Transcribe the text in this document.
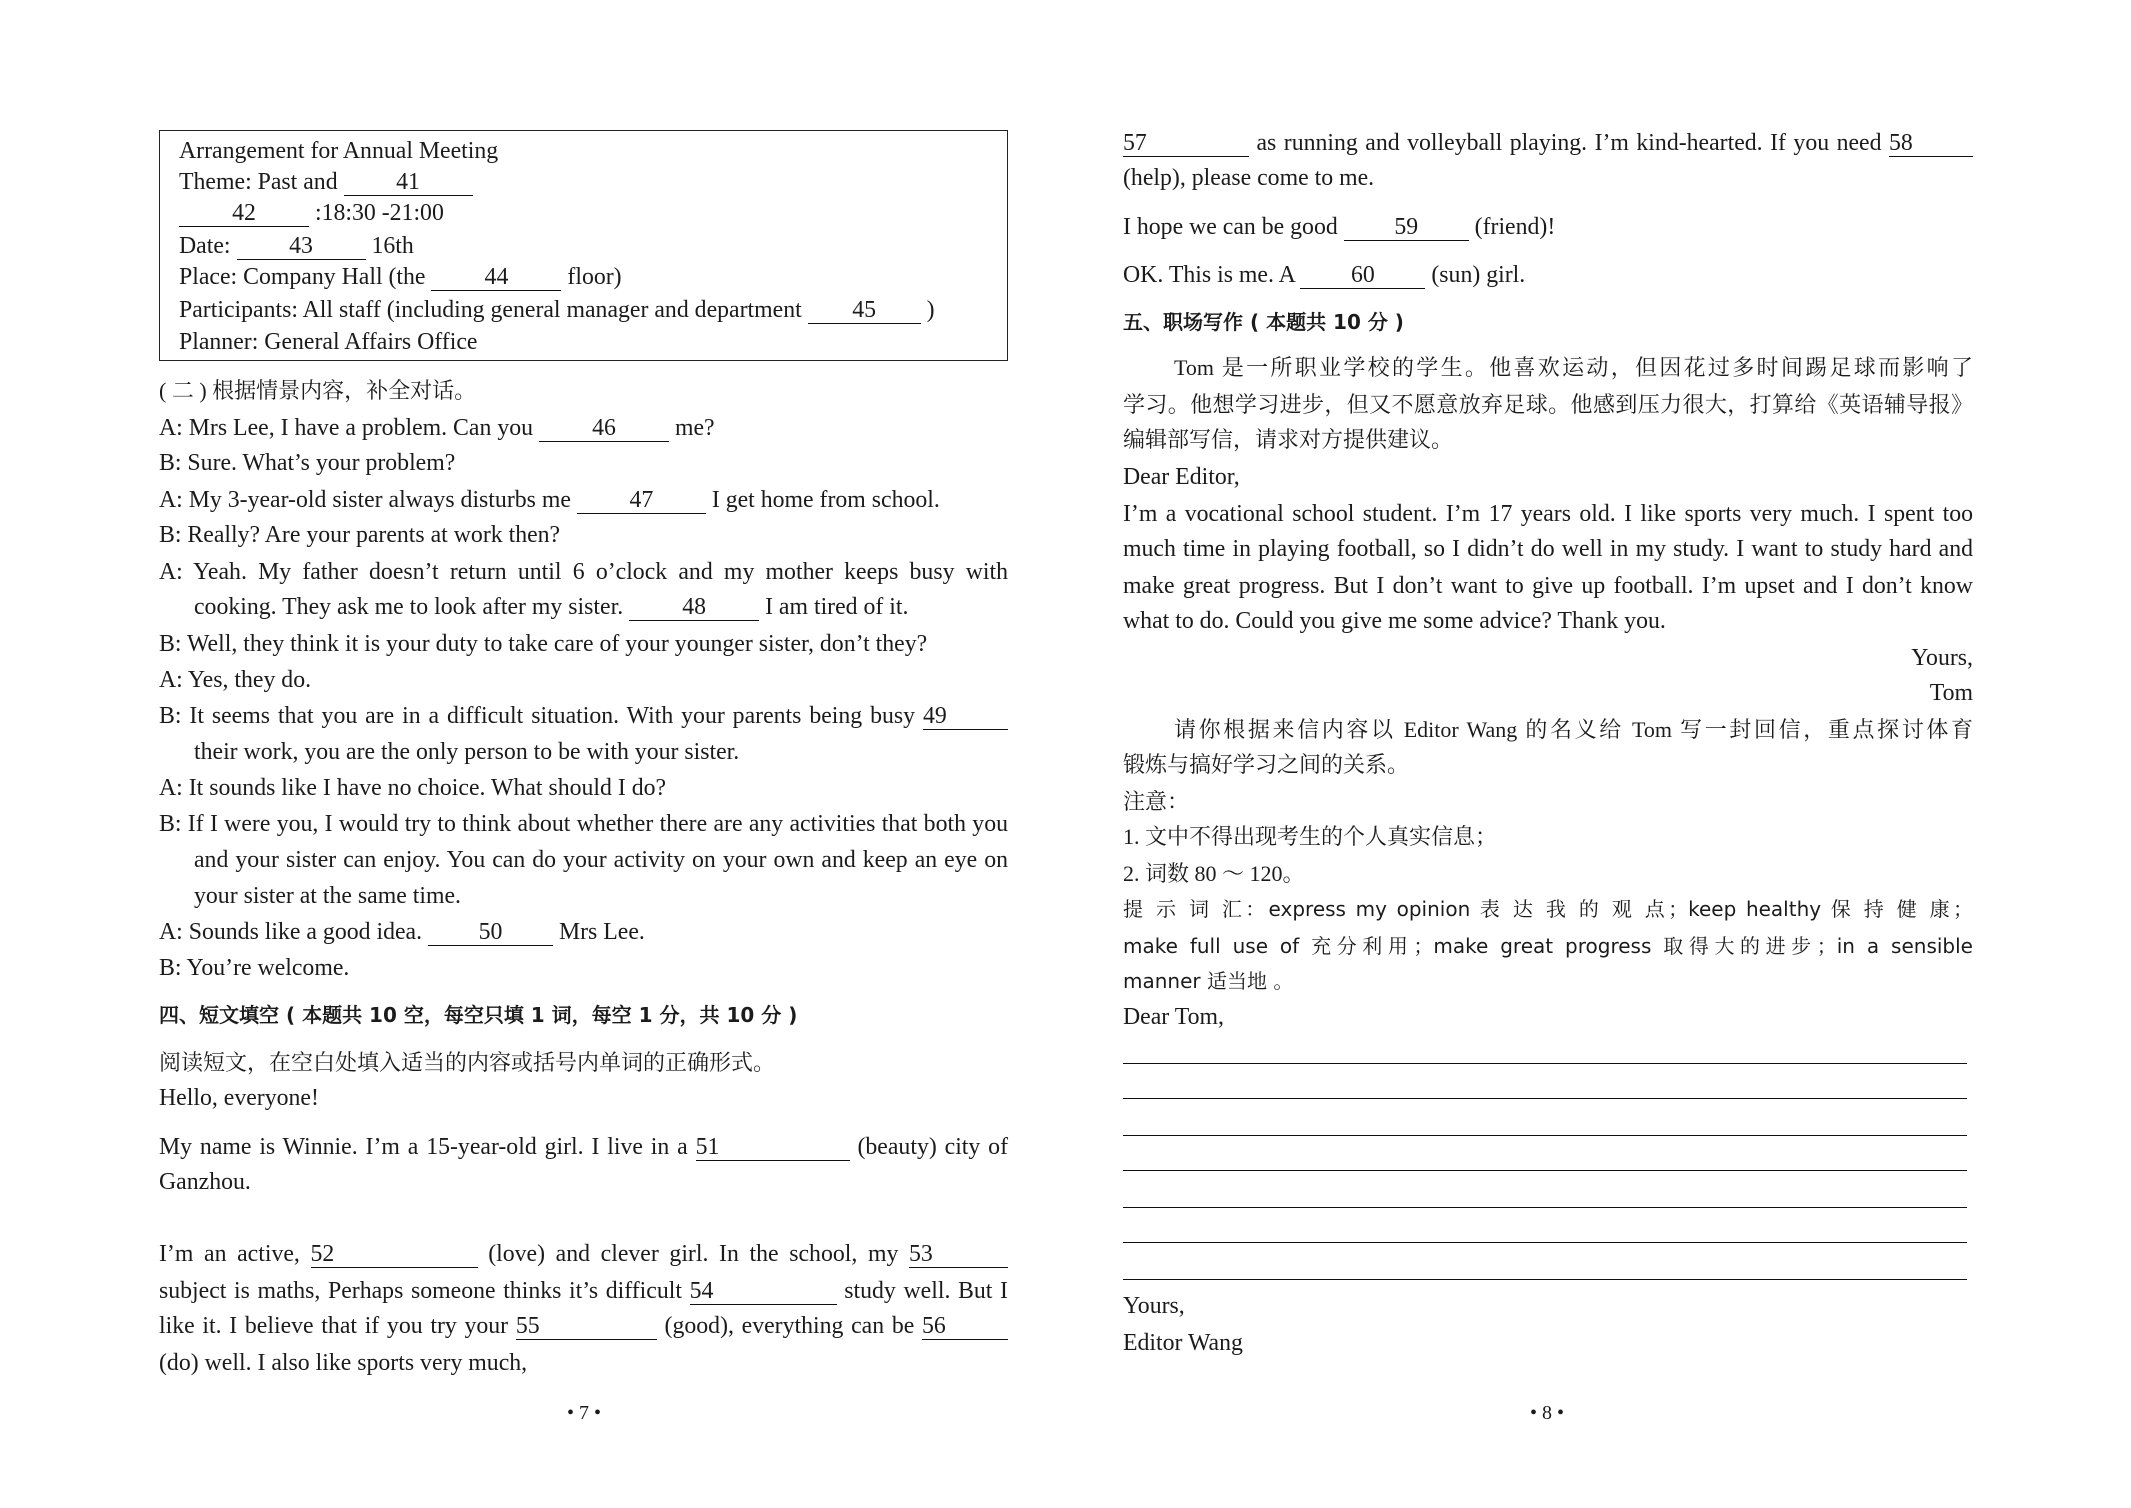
Arrangement for Annual Meeting
Theme: Past and 41
42 :18:30 -21:00
Date: 43 16th
Place: Company Hall (the 44 floor)
Participants: All staff (including general manager and department 45 )
Planner: General Affairs Office
( 二 ) 根据情景内容，补全对话。
A: Mrs Lee, I have a problem. Can you 46 me?
B: Sure. What’s your problem?
A: My 3-year-old sister always disturbs me 47 I get home from school.
B: Really? Are your parents at work then?
A: Yeah. My father doesn’t return until 6 o’clock and my mother keeps busy with
cooking. They ask me to look after my sister. 48 I am tired of it.
B: Well, they think it is your duty to take care of your younger sister, don’t they?
A: Yes, they do.
B: It seems that you are in a difficult situation. With your parents being busy 49
their work, you are the only person to be with your sister.
A: It sounds like I have no choice. What should I do?
B: If I were you, I would try to think about whether there are any activities that both you
and your sister can enjoy. You can do your activity on your own and keep an eye on
your sister at the same time.
A: Sounds like a good idea. 50 Mrs Lee.
B: You’re welcome.
四、短文填空 ( 本题共 10 空，每空只填 1 词，每空 1 分，共 10 分 )
阅读短文，在空白处填入适当的内容或括号内单词的正确形式。
Hello, everyone!
My name is Winnie. I’m a 15-year-old girl. I live in a 51	(beauty) city of
Ganzhou.
I’m an active, 52	(love) and clever girl. In the school, my 53
subject is maths, Perhaps someone thinks it’s difficult 54	study well. But I
like it. I believe that if you try your 55	(good), everything can be 56
(do) well. I also like sports very much,
• 7 •
57	as running and volleyball playing. I’m kind-hearted. If you need 58
(help), please come to me.
I hope we can be good 59 (friend)!
OK. This is me. A 60 (sun) girl.
五、职场写作 ( 本题共 10 分 )
Tom 是一所职业学校的学生。他喜欢运动，但因花过多时间踢足球而影响了
学习。他想学习进步，但又不愿意放弃足球。他感到压力很大，打算给《英语辅导报》
编辑部写信，请求对方提供建议。
Dear Editor,
I’m a vocational school student. I’m 17 years old. I like sports very much. I spent too
much time in playing football, so I didn’t do well in my study. I want to study hard and
make great progress. But I don’t want to give up football. I’m upset and I don’t know
what to do. Could you give me some advice? Thank you.
Yours,
Tom
请你根据来信内容以 Editor Wang 的名义给 Tom 写一封回信，重点探讨体育
锻炼与搞好学习之间的关系。
注意：
1. 文中不得出现考生的个人真实信息；
2. 词数 80 ～ 120。
提 示 词 汇：express my opinion 表 达 我 的 观 点；keep healthy 保 持 健 康；
make full use of 充分利用；make great progress 取得大的进步；in a sensible
manner 适当地 。
Dear Tom,
Yours,
Editor Wang
• 8 •
